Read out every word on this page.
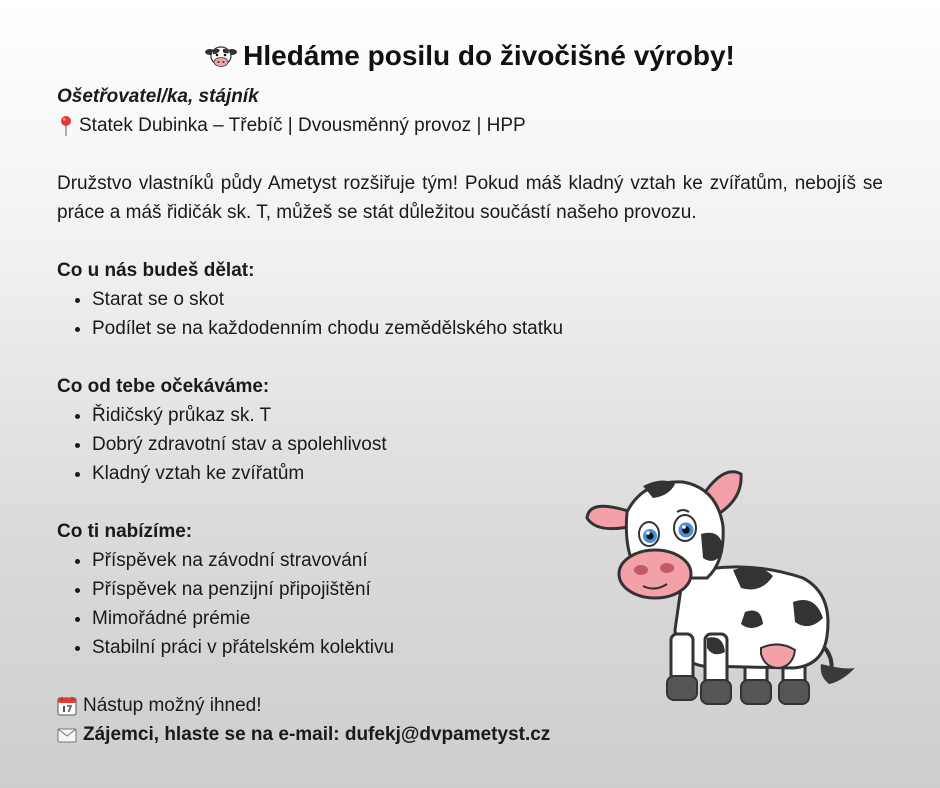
Hledáme posilu do živočišné výroby!
Ošetřovatel/ka, stájník
Statek Dubinka – Třebíč | Dvousměnný provoz | HPP
Družstvo vlastníků půdy Ametyst rozšiřuje tým! Pokud máš kladný vztah ke zvířatům, nebojíš se práce a máš řidičák sk. T, můžeš se stát důležitou součástí našeho provozu.
Co u nás budeš dělat:
• Starat se o skot
• Podílet se na každodenním chodu zemědělského statku
Co od tebe očekáváme:
• Řidičský průkaz sk. T
• Dobrý zdravotní stav a spolehlivost
• Kladný vztah ke zvířatům
Co ti nabízíme:
• Příspěvek na závodní stravování
• Příspěvek na penzijní připojištění
• Mimořádné prémie
• Stabilní práci v přátelském kolektivu
Nástup možný ihned!
Zájemci, hlaste se na e-mail: dufekj@dvpametyst.cz
